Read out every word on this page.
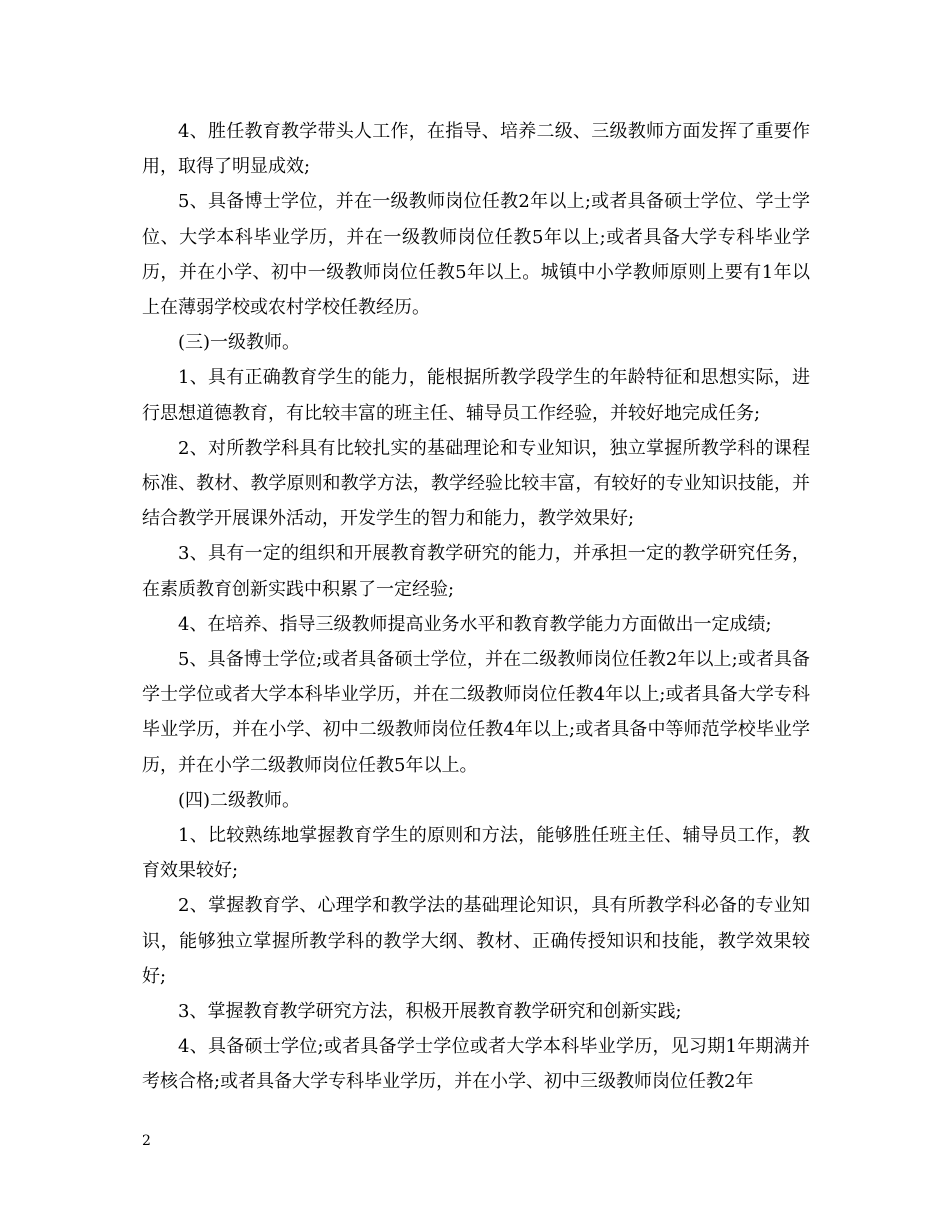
4、胜任教育教学带头人工作，在指导、培养二级、三级教师方面发挥了重要作用，取得了明显成效;

5、具备博士学位，并在一级教师岗位任教2年以上;或者具备硕士学位、学士学位、大学本科毕业学历，并在一级教师岗位任教5年以上;或者具备大学专科毕业学历，并在小学、初中一级教师岗位任教5年以上。城镇中小学教师原则上要有1年以上在薄弱学校或农村学校任教经历。

(三)一级教师。

1、具有正确教育学生的能力，能根据所教学段学生的年龄特征和思想实际，进行思想道德教育，有比较丰富的班主任、辅导员工作经验，并较好地完成任务;

2、对所教学科具有比较扎实的基础理论和专业知识，独立掌握所教学科的课程标准、教材、教学原则和教学方法，教学经验比较丰富，有较好的专业知识技能，并结合教学开展课外活动，开发学生的智力和能力，教学效果好;

3、具有一定的组织和开展教育教学研究的能力，并承担一定的教学研究任务，在素质教育创新实践中积累了一定经验;

4、在培养、指导三级教师提高业务水平和教育教学能力方面做出一定成绩;

5、具备博士学位;或者具备硕士学位，并在二级教师岗位任教2年以上;或者具备学士学位或者大学本科毕业学历，并在二级教师岗位任教4年以上;或者具备大学专科毕业学历，并在小学、初中二级教师岗位任教4年以上;或者具备中等师范学校毕业学历，并在小学二级教师岗位任教5年以上。

(四)二级教师。

1、比较熟练地掌握教育学生的原则和方法，能够胜任班主任、辅导员工作，教育效果较好;

2、掌握教育学、心理学和教学法的基础理论知识，具有所教学科必备的专业知识，能够独立掌握所教学科的教学大纲、教材、正确传授知识和技能，教学效果较好;

3、掌握教育教学研究方法，积极开展教育教学研究和创新实践;

4、具备硕士学位;或者具备学士学位或者大学本科毕业学历，见习期1年期满并考核合格;或者具备大学专科毕业学历，并在小学、初中三级教师岗位任教2年

2
